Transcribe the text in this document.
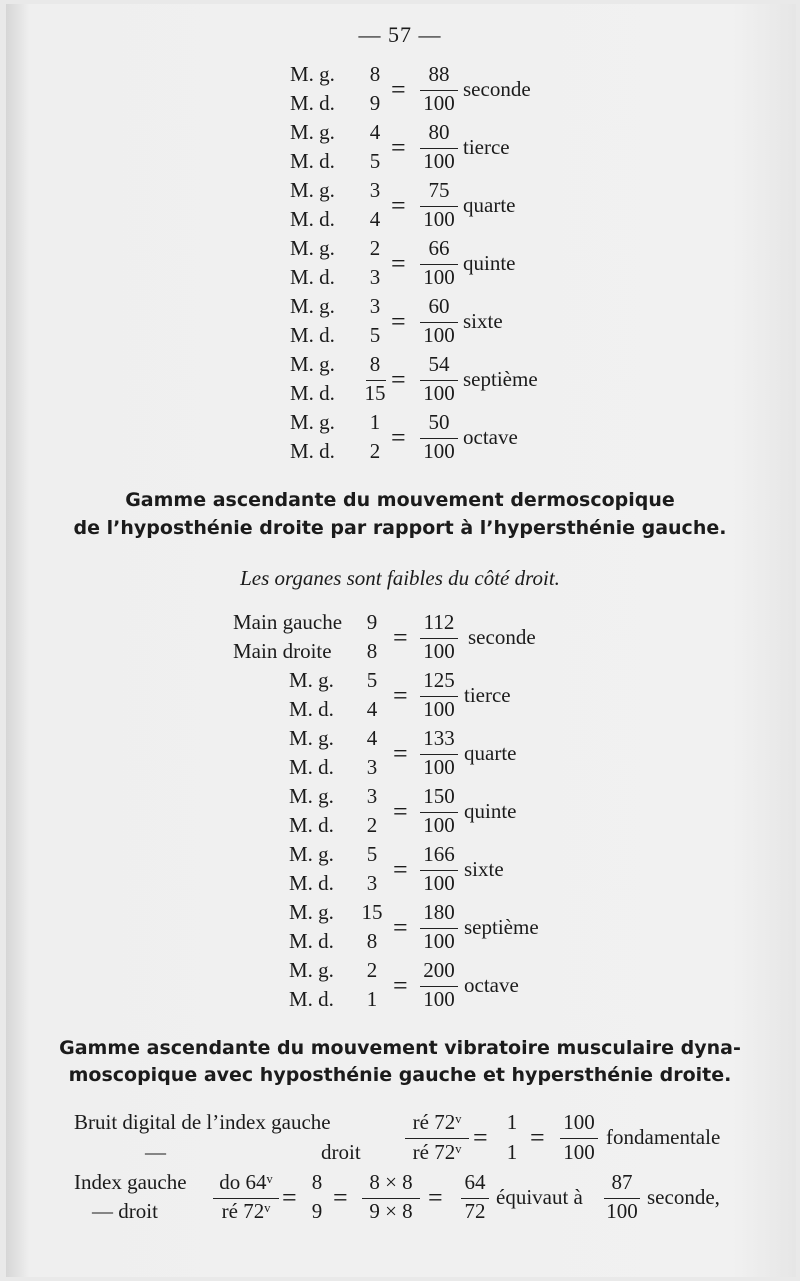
— 57 —
M. g.
M. d.
8
9 =
88
100
seconde
M. g.
M. d.
4
5 =
80
100
tierce
M. g.
M. d.
3
4 =
75
100
quarte
M. g.
M. d.
2
3 =
66
100
quinte
M. g.
M. d.
3
5 =
60
100
sixte
M. g.
M. d.
8
15 =
54
100
septième
M. g.
M. d.
1
2 =
50
100
octave
Gamme ascendante du mouvement dermoscopique
de l’hyposthénie droite par rapport à l’hypersthénie gauche.
Les organes sont faibles du côté droit.
Main gauche
Main droite
9
8 =
112
100
seconde
M. g.
M. d.
5
4 =
125
100
tierce
M. g.
M. d.
4
3 =
133
100
quarte
M. g.
M. d.
3
2 =
150
100
quinte
M. g.
M. d.
5
3 =
166
100
sixte
M. g.
M. d.
15
8 =
180
100
septième
M. g.
M. d.
2
1 =
200
100
octave
Gamme ascendante du mouvement vibratoire musculaire dyna-
moscopique avec hyposthénie gauche et hypersthénie droite.
Bruit digital de l’index gauche
—	droit
ré 72ᵛ
ré 72ᵛ =
1
1 =
100
100
fondamentale
Index gauche
— droit
do 64ᵛ
ré 72ᵛ =
8
9 =
8 × 8
9 × 8 =
64
72
équivaut à
87
100
seconde,
